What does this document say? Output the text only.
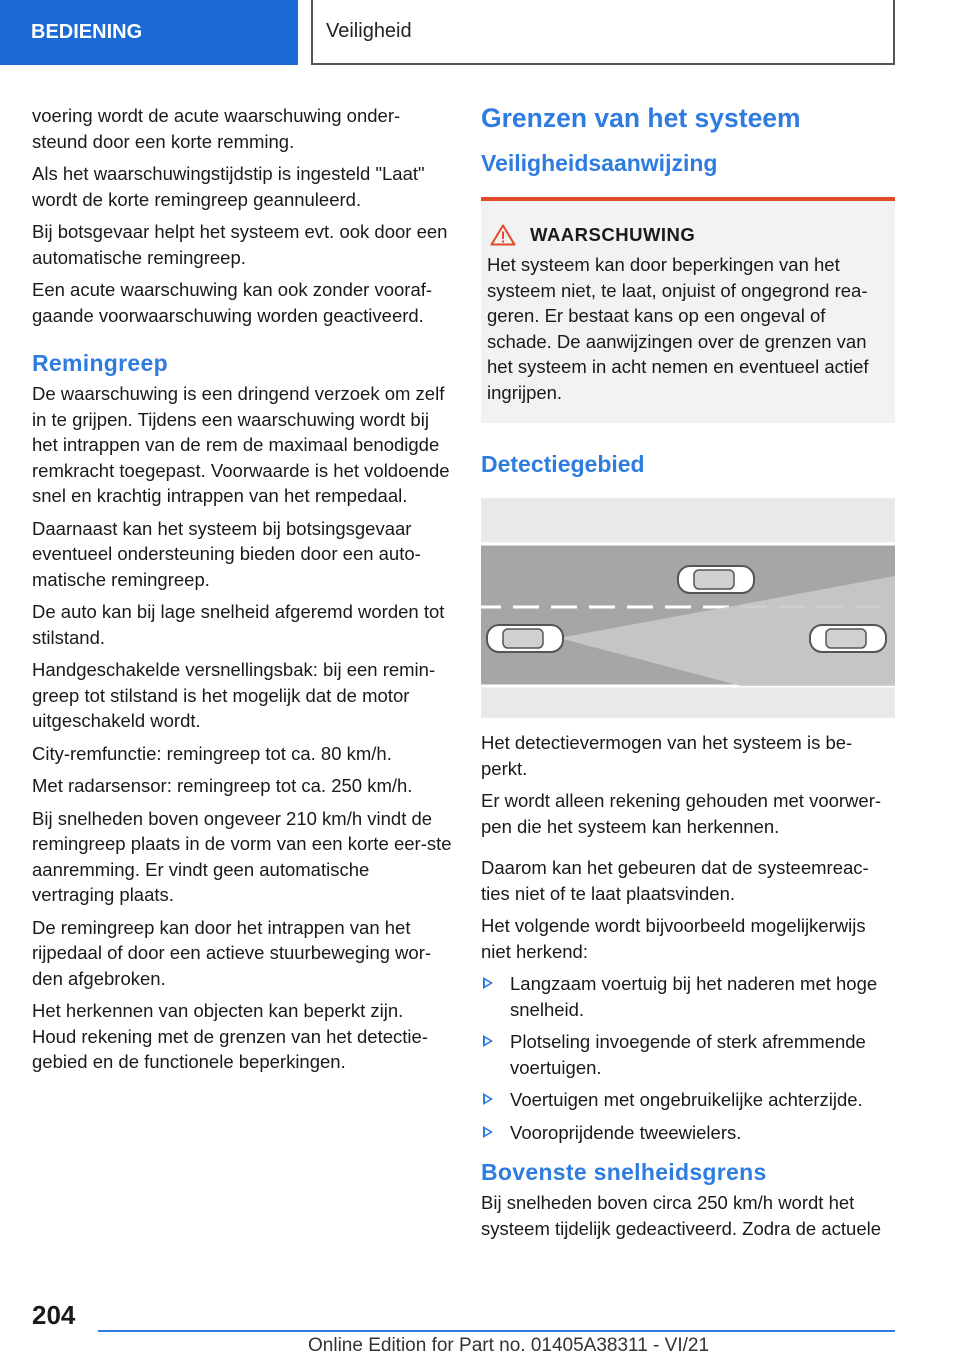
BEDIENING	Veiligheid

voering wordt de acute waarschuwing onder-steund door een korte remming.

Als het waarschuwingstijdstip is ingesteld "Laat" wordt de korte remingreep geannuleerd.

Bij botsgevaar helpt het systeem evt. ook door een automatische remingreep.

Een acute waarschuwing kan ook zonder vooraf-gaande voorwaarschuwing worden geactiveerd.

Remingreep

De waarschuwing is een dringend verzoek om zelf in te grijpen. Tijdens een waarschuwing wordt bij het intrappen van de rem de maximaal benodigde remkracht toegepast. Voorwaarde is het voldoende snel en krachtig intrappen van het rempedaal.

Daarnaast kan het systeem bij botsingsgevaar eventueel ondersteuning bieden door een auto-matische remingreep.

De auto kan bij lage snelheid afgeremd worden tot stilstand.

Handgeschakelde versnellingsbak: bij een remin-greep tot stilstand is het mogelijk dat de motor uitgeschakeld wordt.

City-remfunctie: remingreep tot ca. 80 km/h.

Met radarsensor: remingreep tot ca. 250 km/h.

Bij snelheden boven ongeveer 210 km/h vindt de remingreep plaats in de vorm van een korte eer-ste aanremming. Er vindt geen automatische vertraging plaats.

De remingreep kan door het intrappen van het rijpedaal of door een actieve stuurbeweging wor-den afgebroken.

Het herkennen van objecten kan beperkt zijn. Houd rekening met de grenzen van het detectie-gebied en de functionele beperkingen.

Grenzen van het systeem
Veiligheidsaanwijzing
WAARSCHUWING

Het systeem kan door beperkingen van het systeem niet, te laat, onjuist of ongegrond rea-geren. Er bestaat kans op een ongeval of schade. De aanwijzingen over de grenzen van het systeem in acht nemen en eventueel actief ingrijpen.

Detectiegebied

Het detectievermogen van het systeem is be-perkt.

Er wordt alleen rekening gehouden met voorwer-pen die het systeem kan herkennen.

Daarom kan het gebeuren dat de systeemreac-ties niet of te laat plaatsvinden.

Het volgende wordt bijvoorbeeld mogelijkerwijs niet herkend:

Langzaam voertuig bij het naderen met hoge snelheid.
Plotseling invoegende of sterk afremmende voertuigen.
Voertuigen met ongebruikelijke achterzijde.
Vooroprijdende tweewielers.
Bovenste snelheidsgrens

Bij snelheden boven circa 250 km/h wordt het systeem tijdelijk gedeactiveerd. Zodra de actuele

204
Online Edition for Part no. 01405A38311 - VI/21
